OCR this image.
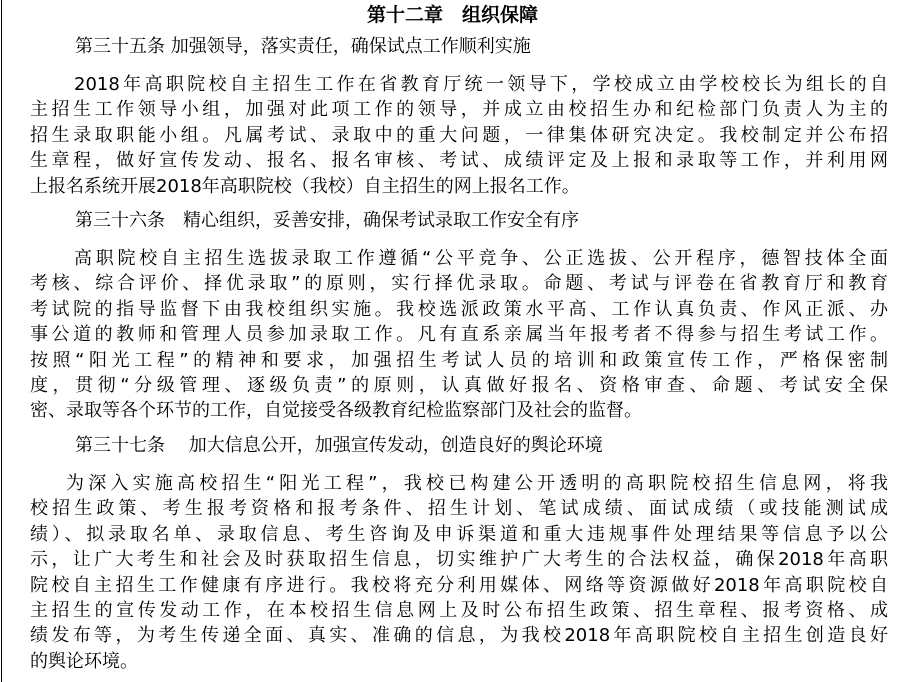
第十二章　组织保障

第三十五条 加强领导，落实责任，确保试点工作顺利实施

2018年高职院校自主招生工作在省教育厅统一领导下，学校成立由学校校长为组长的自
主招生工作领导小组，加强对此项工作的领导，并成立由校招生办和纪检部门负责人为主的
招生录取职能小组。凡属考试、录取中的重大问题，一律集体研究决定。我校制定并公布招
生章程，做好宣传发动、报名、报名审核、考试、成绩评定及上报和录取等工作，并利用网
上报名系统开展2018年高职院校（我校）自主招生的网上报名工作。

第三十六条　精心组织，妥善安排，确保考试录取工作安全有序

高职院校自主招生选拔录取工作遵循“公平竞争、公正选拔、公开程序，德智技体全面
考核、综合评价、择优录取”的原则，实行择优录取。命题、考试与评卷在省教育厅和教育
考试院的指导监督下由我校组织实施。我校选派政策水平高、工作认真负责、作风正派、办
事公道的教师和管理人员参加录取工作。凡有直系亲属当年报考者不得参与招生考试工作。
按照“阳光工程”的精神和要求，加强招生考试人员的培训和政策宣传工作，严格保密制
度，贯彻“分级管理、逐级负责”的原则，认真做好报名、资格审查、命题、考试安全保
密、录取等各个环节的工作，自觉接受各级教育纪检监察部门及社会的监督。

第三十七条　 加大信息公开，加强宣传发动，创造良好的舆论环境

为深入实施高校招生“阳光工程”，我校已构建公开透明的高职院校招生信息网，将我
校招生政策、考生报考资格和报考条件、招生计划、笔试成绩、面试成绩（或技能测试成
绩）、拟录取名单、录取信息、考生咨询及申诉渠道和重大违规事件处理结果等信息予以公
示，让广大考生和社会及时获取招生信息，切实维护广大考生的合法权益，确保2018年高职
院校自主招生工作健康有序进行。我校将充分利用媒体、网络等资源做好2018年高职院校自
主招生的宣传发动工作，在本校招生信息网上及时公布招生政策、招生章程、报考资格、成
绩发布等，为考生传递全面、真实、准确的信息，为我校2018年高职院校自主招生创造良好
的舆论环境。
